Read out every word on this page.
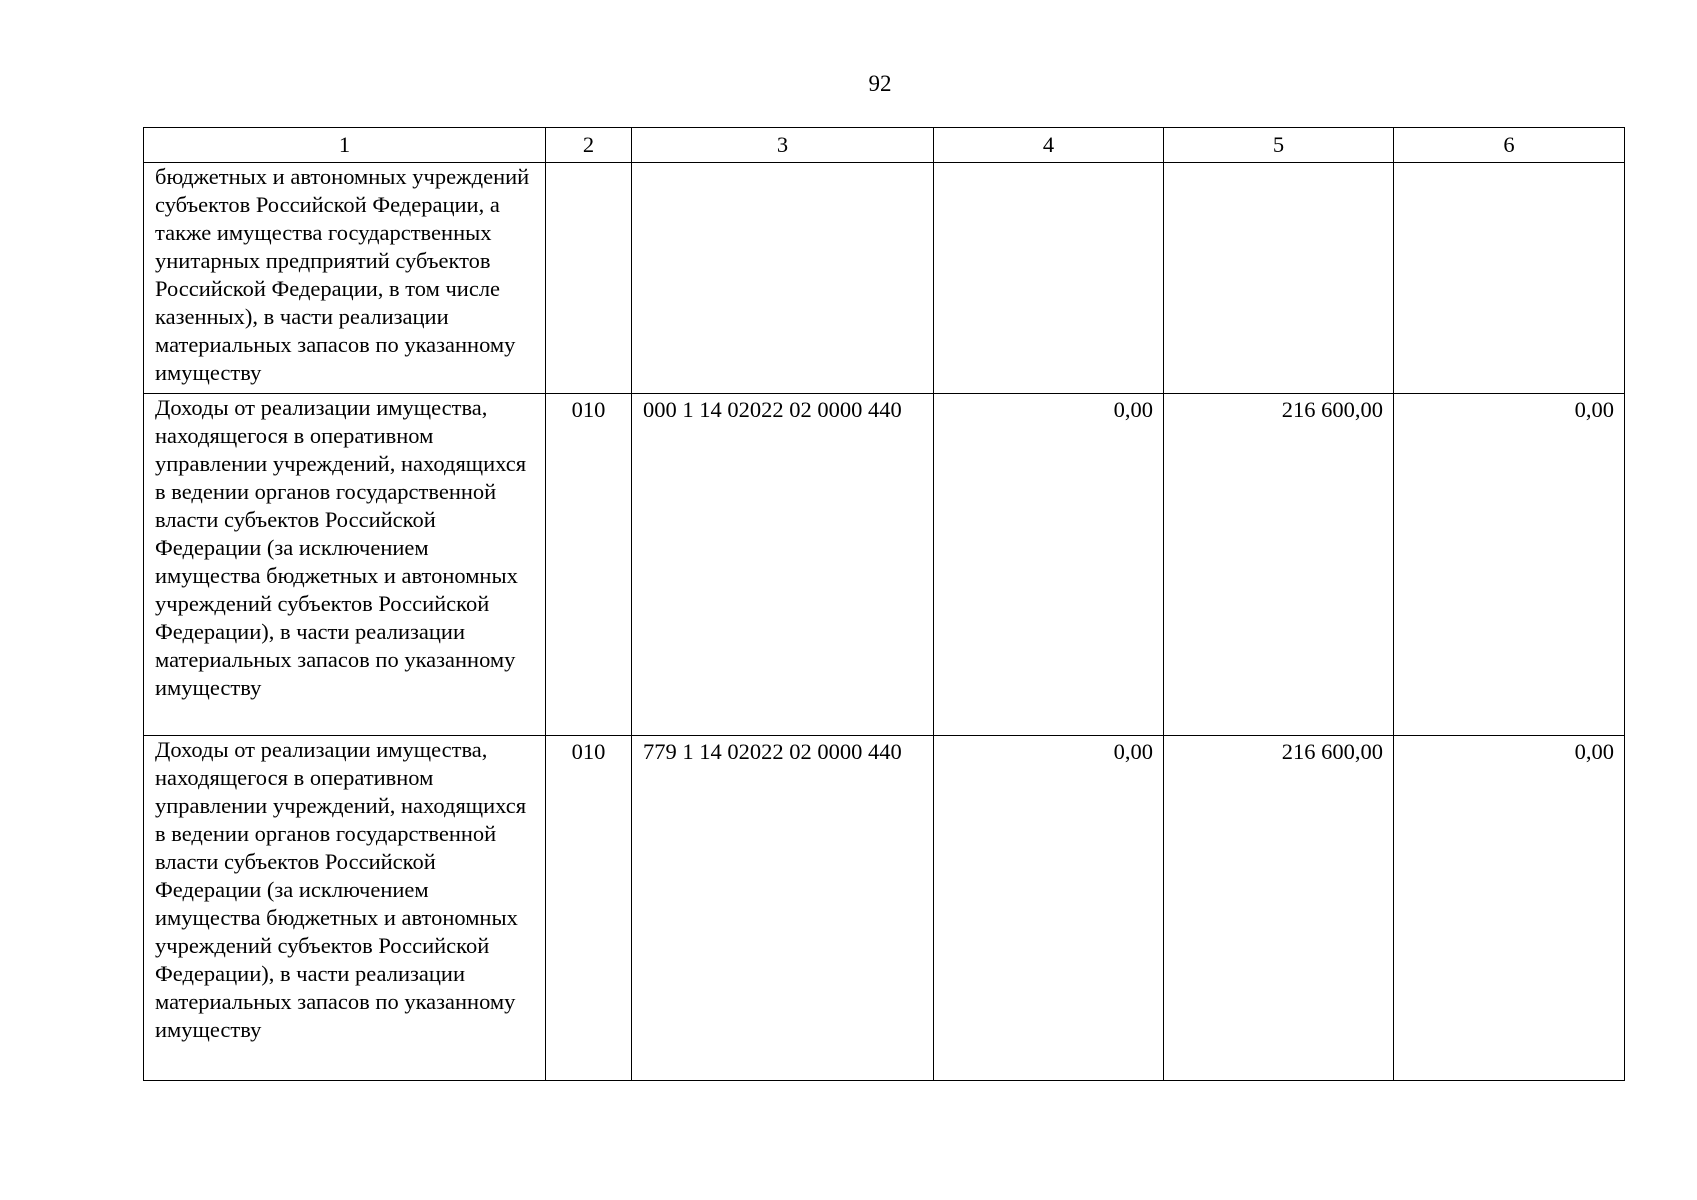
92
1	2	3	4	5	6
бюджетных и автономных учреждений субъектов Российской Федерации, а также имущества государственных унитарных предприятий субъектов Российской Федерации, в том числе казенных), в части реализации материальных запасов по указанному имуществу					
Доходы от реализации имущества, находящегося в оперативном управлении учреждений, находящихся в ведении органов государственной власти субъектов Российской Федерации (за исключением имущества бюджетных и автономных учреждений субъектов Российской Федерации), в части реализации материальных запасов по указанному имуществу	010	000 1 14 02022 02 0000 440	0,00	216 600,00	0,00
Доходы от реализации имущества, находящегося в оперативном управлении учреждений, находящихся в ведении органов государственной власти субъектов Российской Федерации (за исключением имущества бюджетных и автономных учреждений субъектов Российской Федерации), в части реализации материальных запасов по указанному имуществу	010	779 1 14 02022 02 0000 440	0,00	216 600,00	0,00
